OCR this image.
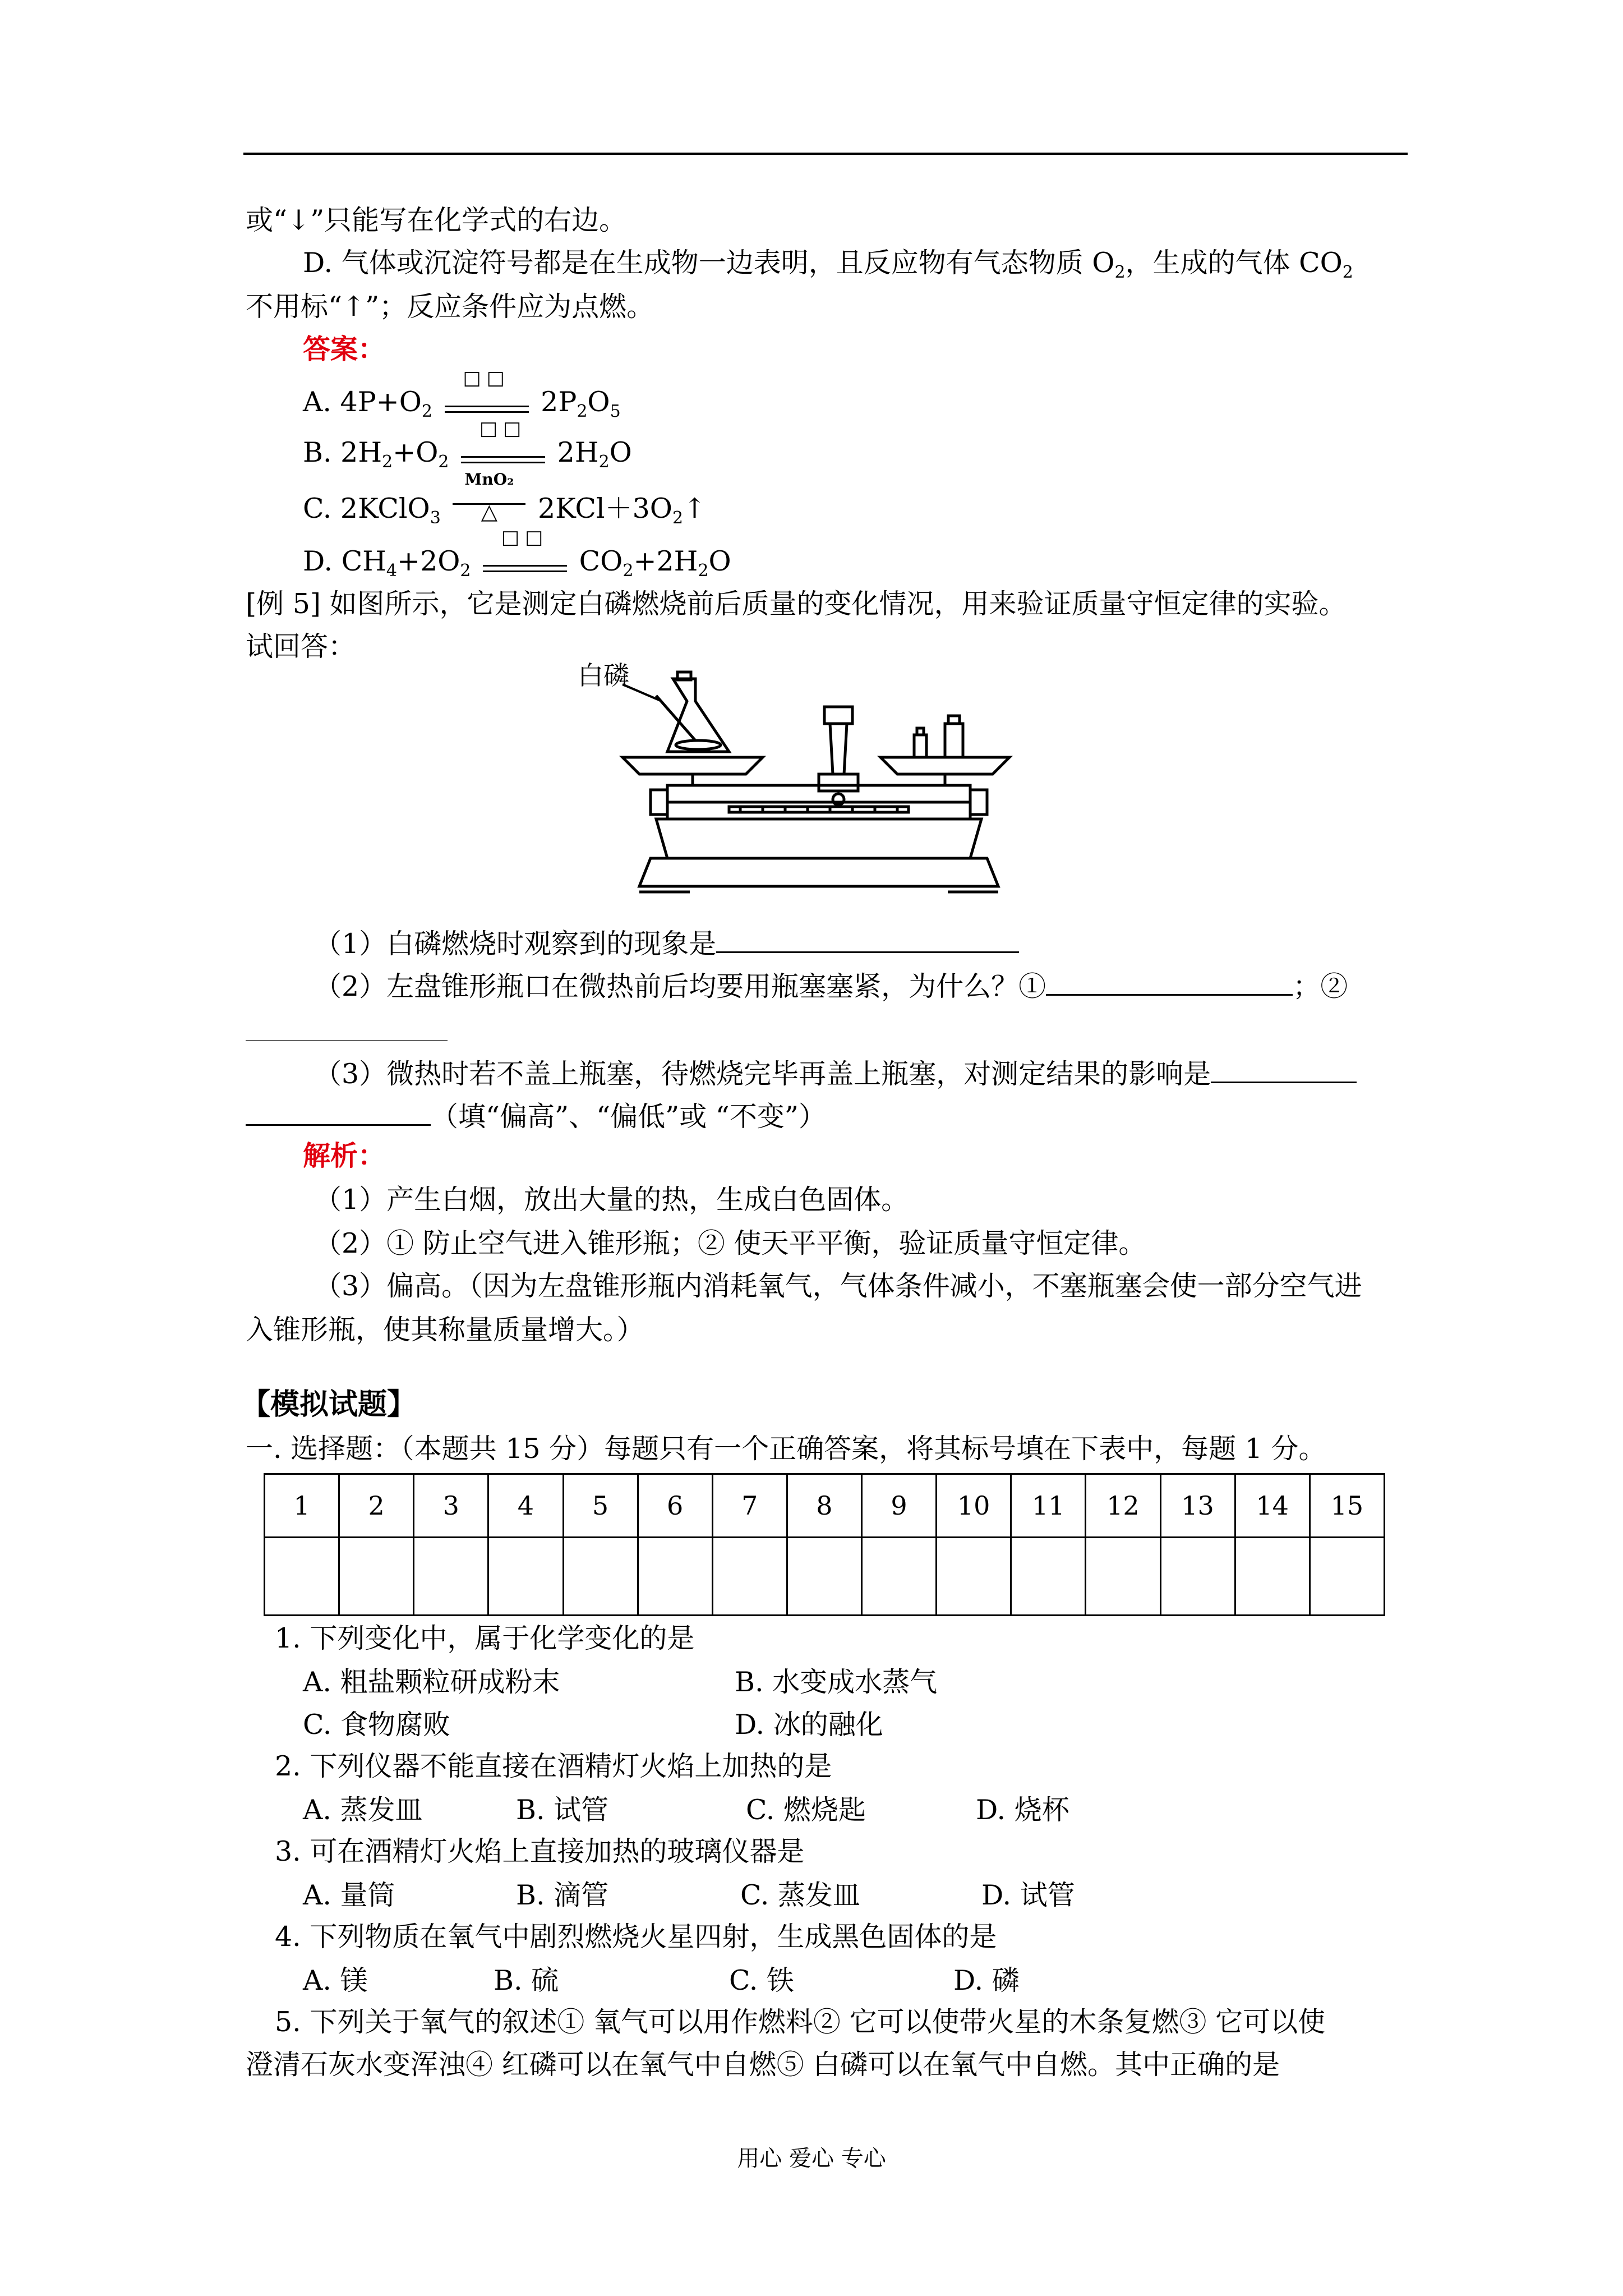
或“↓”只能写在化学式的右边。
D. 气体或沉淀符号都是在生成物一边表明，且反应物有气态物质 $O_2$，生成的气体 $CO_2$
不用标“↑”；反应条件应为点燃。
答案：
A. $4P+O_2$
□□
$2P_2O_5$
B. $2H_2+O_2$
□□
$2H_2O$
C. 2KClO$_3$
MnO₂
△	$2KCl+3O_2↑$
D. $CH_4+2O_2$
□□
$CO_2+2H_2O$
[例 5] 如图所示，它是测定白磷燃烧前后质量的变化情况，用来验证质量守恒定律的实验。
试回答：
白磷
（1）白磷燃烧时观察到的现象是
（2）左盘锥形瓶口在微热前后均要用瓶塞塞紧，为什么？①	；②
（3）微热时若不盖上瓶塞，待燃烧完毕再盖上瓶塞，对测定结果的影响是
（填“偏高”、“偏低”或 “不变”）
解析：
（1）产生白烟，放出大量的热，生成白色固体。
（2）① 防止空气进入锥形瓶；② 使天平平衡，验证质量守恒定律。
（3）偏高。（因为左盘锥形瓶内消耗氧气，气体条件减小，不塞瓶塞会使一部分空气进
入锥形瓶，使其称量质量增大。）
【模拟试题】
一. 选择题：（本题共 15 分）每题只有一个正确答案，将其标号填在下表中，每题 1 分。
1	2	3	4	5	6	7	8	9	10	11	12	13	14	15

1. 下列变化中，属于化学变化的是
A. 粗盐颗粒研成粉末	B. 水变成水蒸气
C. 食物腐败	D. 冰的融化
2. 下列仪器不能直接在酒精灯火焰上加热的是
A. 蒸发皿	B. 试管	C. 燃烧匙	D. 烧杯
3. 可在酒精灯火焰上直接加热的玻璃仪器是
A. 量筒	B. 滴管	C. 蒸发皿	D. 试管
4. 下列物质在氧气中剧烈燃烧火星四射，生成黑色固体的是
A. 镁	B. 硫	C. 铁	D. 磷
5. 下列关于氧气的叙述① 氧气可以用作燃料② 它可以使带火星的木条复燃③ 它可以使
澄清石灰水变浑浊④ 红磷可以在氧气中自燃⑤ 白磷可以在氧气中自燃。其中正确的是
用心 爱心 专心
